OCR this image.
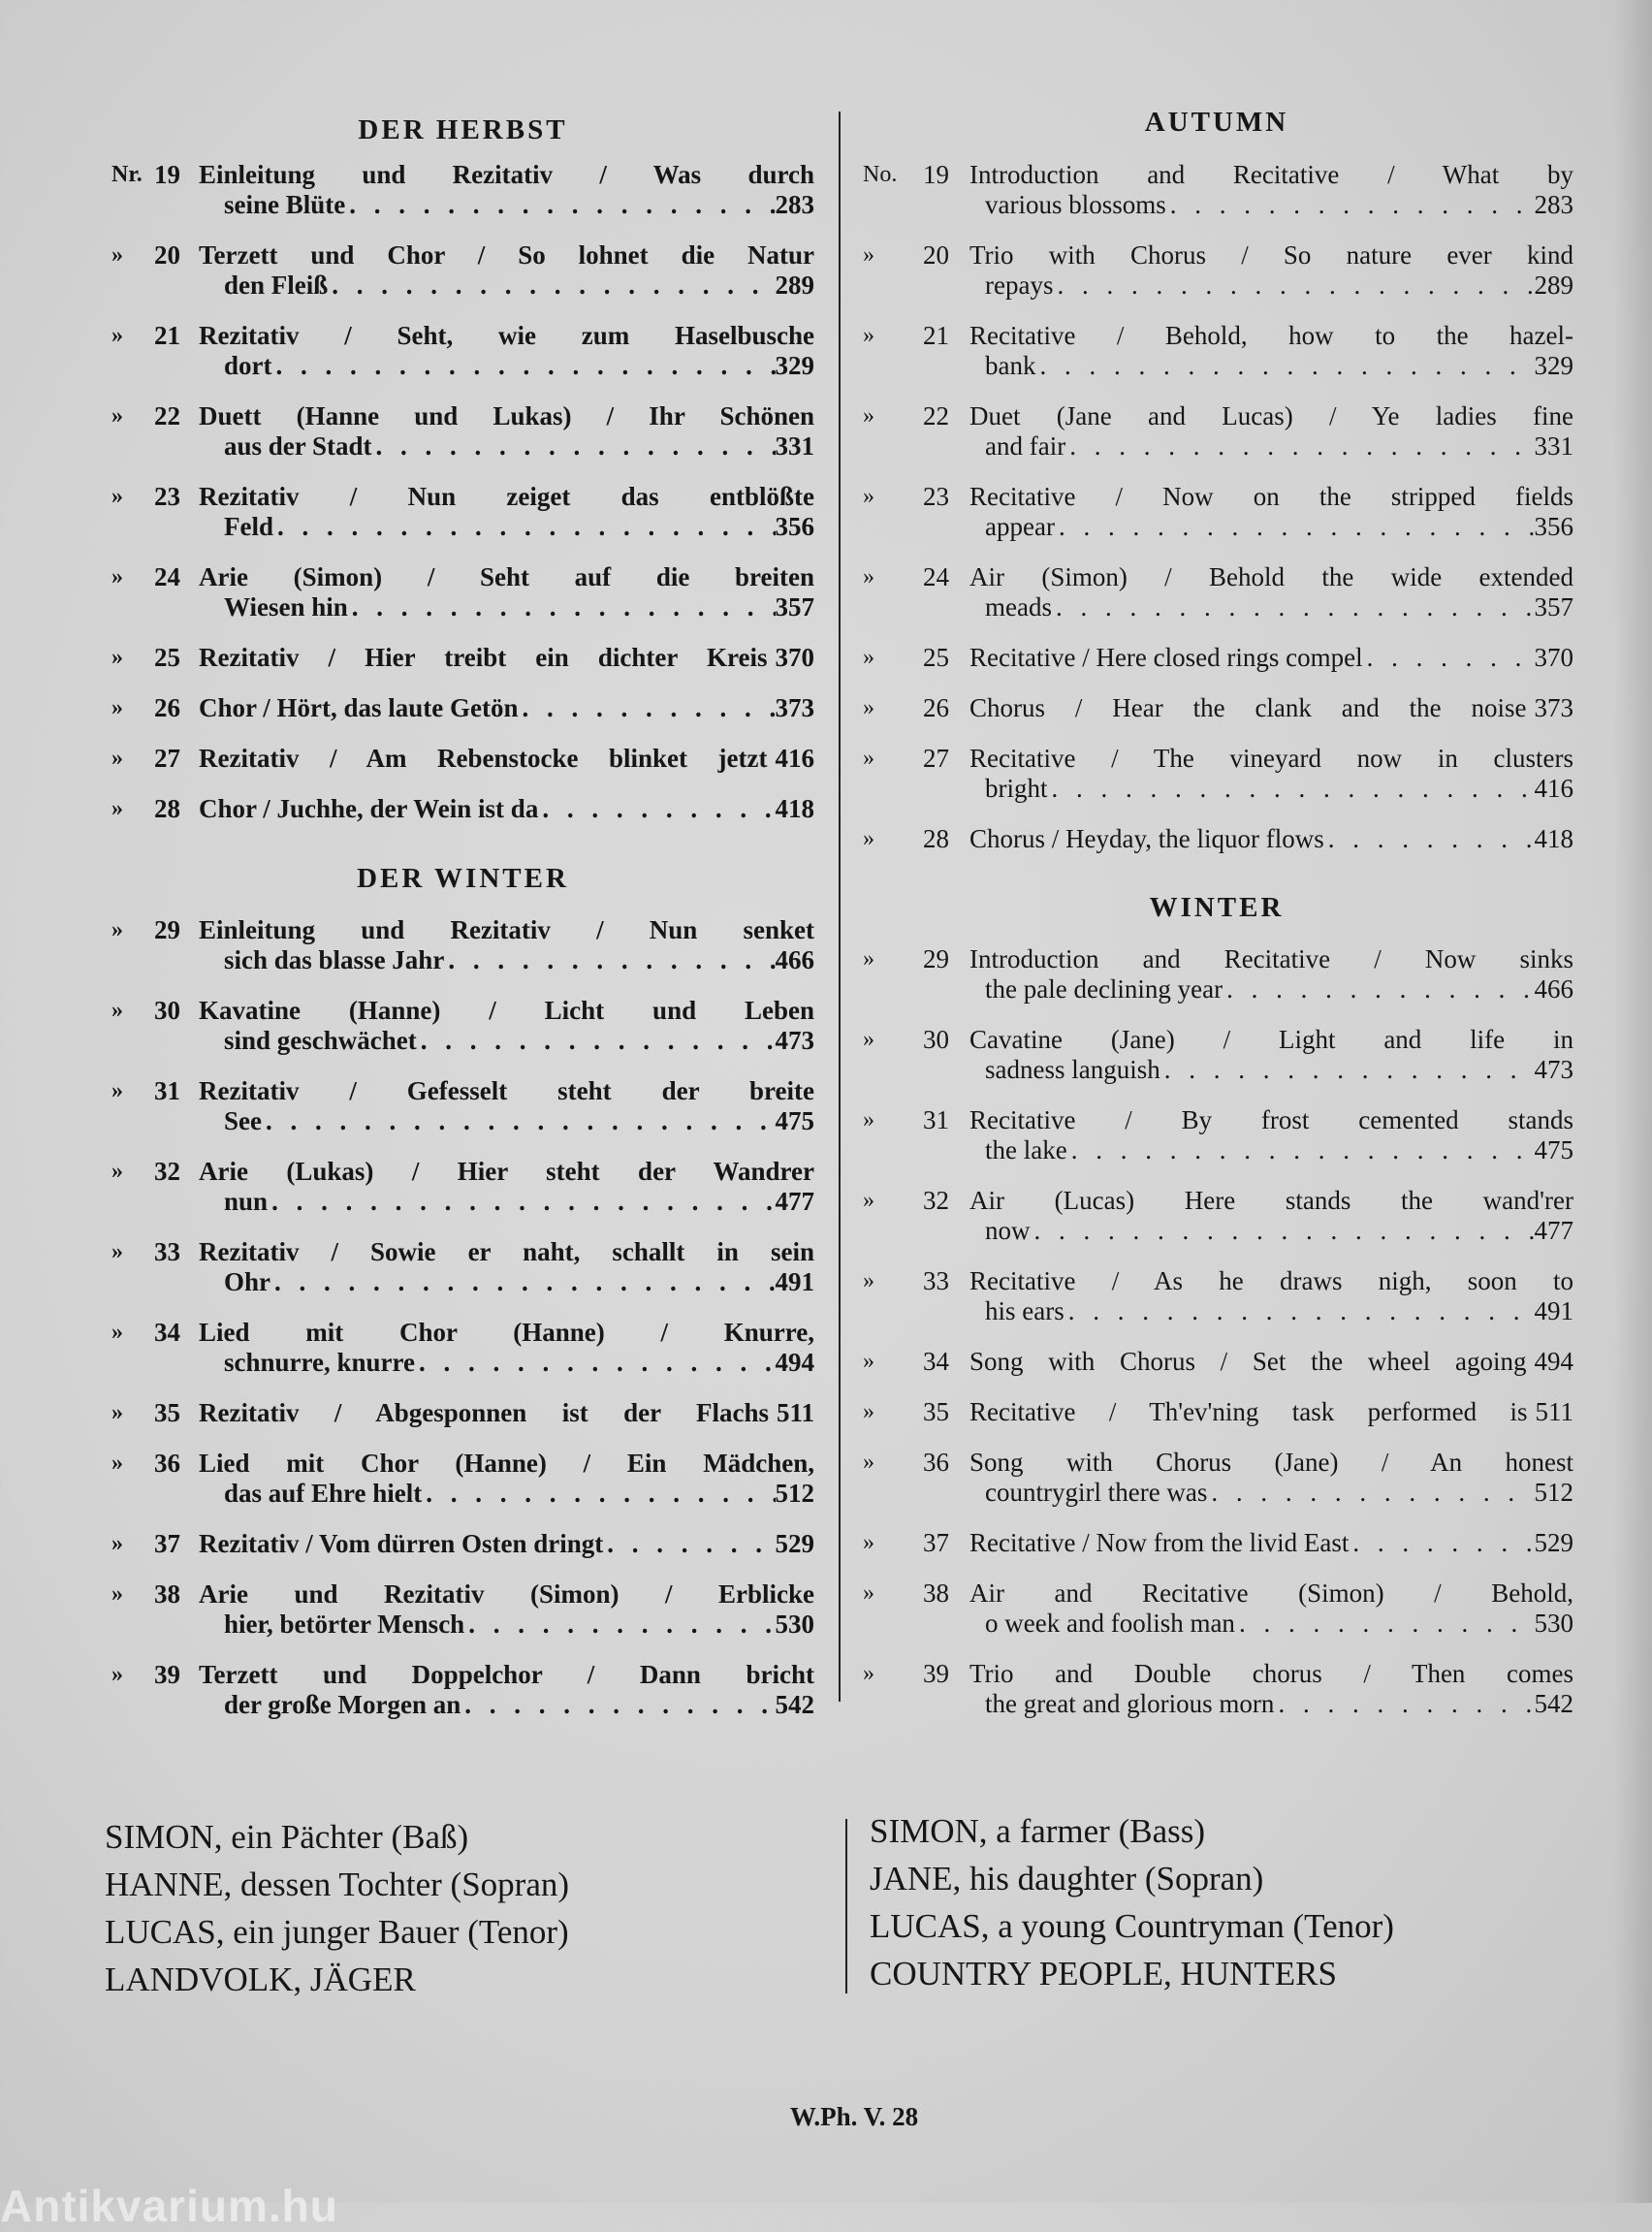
DER HERBST
Nr. 19 Einleitung und Rezitativ / Was durch
seine Blüte . . .	283
» 20 Terzett und Chor / So lohnet die Natur
den Fleiß . . .	289
» 21 Rezitativ / Seht, wie zum Haselbusche
dort . . .	329
» 22 Duett (Hanne und Lukas) / Ihr Schönen
aus der Stadt . . .	331
» 23 Rezitativ / Nun zeiget das entblößte
Feld . . .	356
» 24 Arie (Simon) / Seht auf die breiten
Wiesen hin . . .	357
» 25 Rezitativ / Hier treibt ein dichter Kreis 370
» 26 Chor / Hört, das laute Getön . . .	373
» 27 Rezitativ / Am Rebenstocke blinket jetzt 416
» 28 Chor / Juchhe, der Wein ist da . . .	418
DER WINTER
» 29 Einleitung und Rezitativ / Nun senket
sich das blasse Jahr . . .	466
» 30 Kavatine (Hanne) / Licht und Leben
sind geschwächet . . .	473
» 31 Rezitativ / Gefesselt steht der breite
See . . .	475
» 32 Arie (Lukas) / Hier steht der Wandrer
nun . . .	477
» 33 Rezitativ / Sowie er naht, schallt in sein
Ohr . . .	491
» 34 Lied mit Chor (Hanne) / Knurre,
schnurre, knurre . . .	494
» 35 Rezitativ / Abgesponnen ist der Flachs 511
» 36 Lied mit Chor (Hanne) / Ein Mädchen,
das auf Ehre hielt . . .	512
» 37 Rezitativ / Vom dürren Osten dringt . . .	529
» 38 Arie und Rezitativ (Simon) / Erblicke
hier, betörter Mensch . . .	530
» 39 Terzett und Doppelchor / Dann bricht
der große Morgen an . . .	542
AUTUMN
No. 19 Introduction and Recitative / What by
various blossoms . . .	283
» 20 Trio with Chorus / So nature ever kind
repays . . .	289
» 21 Recitative / Behold, how to the hazel-
bank . . .	329
» 22 Duet (Jane and Lucas) / Ye ladies fine
and fair . . .	331
» 23 Recitative / Now on the stripped fields
appear . . .	356
» 24 Air (Simon) / Behold the wide extended
meads . . .	357
» 25 Recitative / Here closed rings compel . . .	370
» 26 Chorus / Hear the clank and the noise 373
» 27 Recitative / The vineyard now in clusters
bright . . .	416
» 28 Chorus / Heyday, the liquor flows . . .	418
WINTER
» 29 Introduction and Recitative / Now sinks
the pale declining year . . .	466
» 30 Cavatine (Jane) / Light and life in
sadness languish . . .	473
» 31 Recitative / By frost cemented stands
the lake . . .	475
» 32 Air (Lucas) Here stands the wand'rer
now . . .	477
» 33 Recitative / As he draws nigh, soon to
his ears . . .	491
» 34 Song with Chorus / Set the wheel agoing 494
» 35 Recitative / Th'ev'ning task performed is 511
» 36 Song with Chorus (Jane) / An honest
countrygirl there was . . .	512
» 37 Recitative / Now from the livid East . . .	529
» 38 Air and Recitative (Simon) / Behold,
o week and foolish man . . .	530
» 39 Trio and Double chorus / Then comes
the great and glorious morn . . .	542
SIMON, ein Pächter (Baß)
HANNE, dessen Tochter (Sopran)
LUCAS, ein junger Bauer (Tenor)
LANDVOLK, JÄGER
SIMON, a farmer (Bass)
JANE, his daughter (Sopran)
LUCAS, a young Countryman (Tenor)
COUNTRY PEOPLE, HUNTERS
W.Ph. V. 28
Antikvarium.hu
